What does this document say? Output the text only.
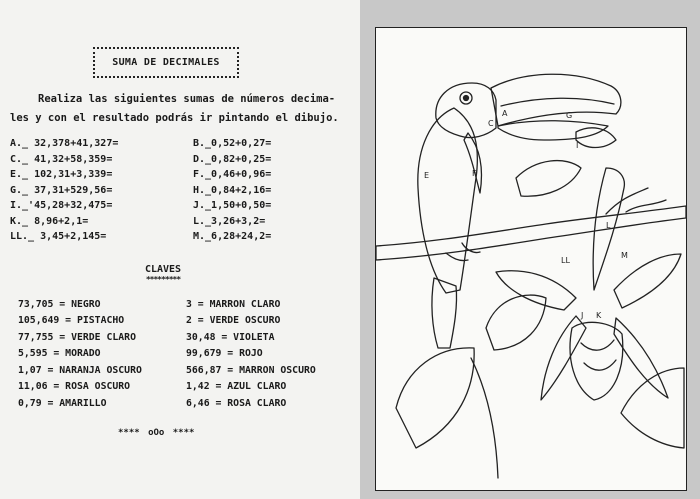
SUMA DE DECIMALES
Realiza las siguientes sumas de números decima-
les y con el resultado podrás ir pintando el dibujo.
A._ 32,378+41,327=	B._0,52+0,27=
C._ 41,32+58,359=	D._0,82+0,25=
E._ 102,31+3,339=	F._0,46+0,96=
G._ 37,31+529,56=	H._0,84+2,16=
I._'45,28+32,475=	J._1,50+0,50=
K._ 8,96+2,1=	L._3,26+3,2=
LL._ 3,45+2,145=	M._6,28+24,2=
CLAVES
*********
73,705 = NEGRO	3 = MARRON CLARO
105,649 = PISTACHO	2 = VERDE OSCURO
77,755 = VERDE CLARO	30,48 = VIOLETA
5,595 = MORADO	99,679 = ROJO
1,07 = NARANJA OSCURO	566,87 = MARRON OSCURO
11,06 = ROSA OSCURO	1,42 = AZUL CLARO
0,79 = AMARILLO	6,46 = ROSA CLARO
**** oOo ****
A
C
E	F
G
I
J K
L
LL
M
